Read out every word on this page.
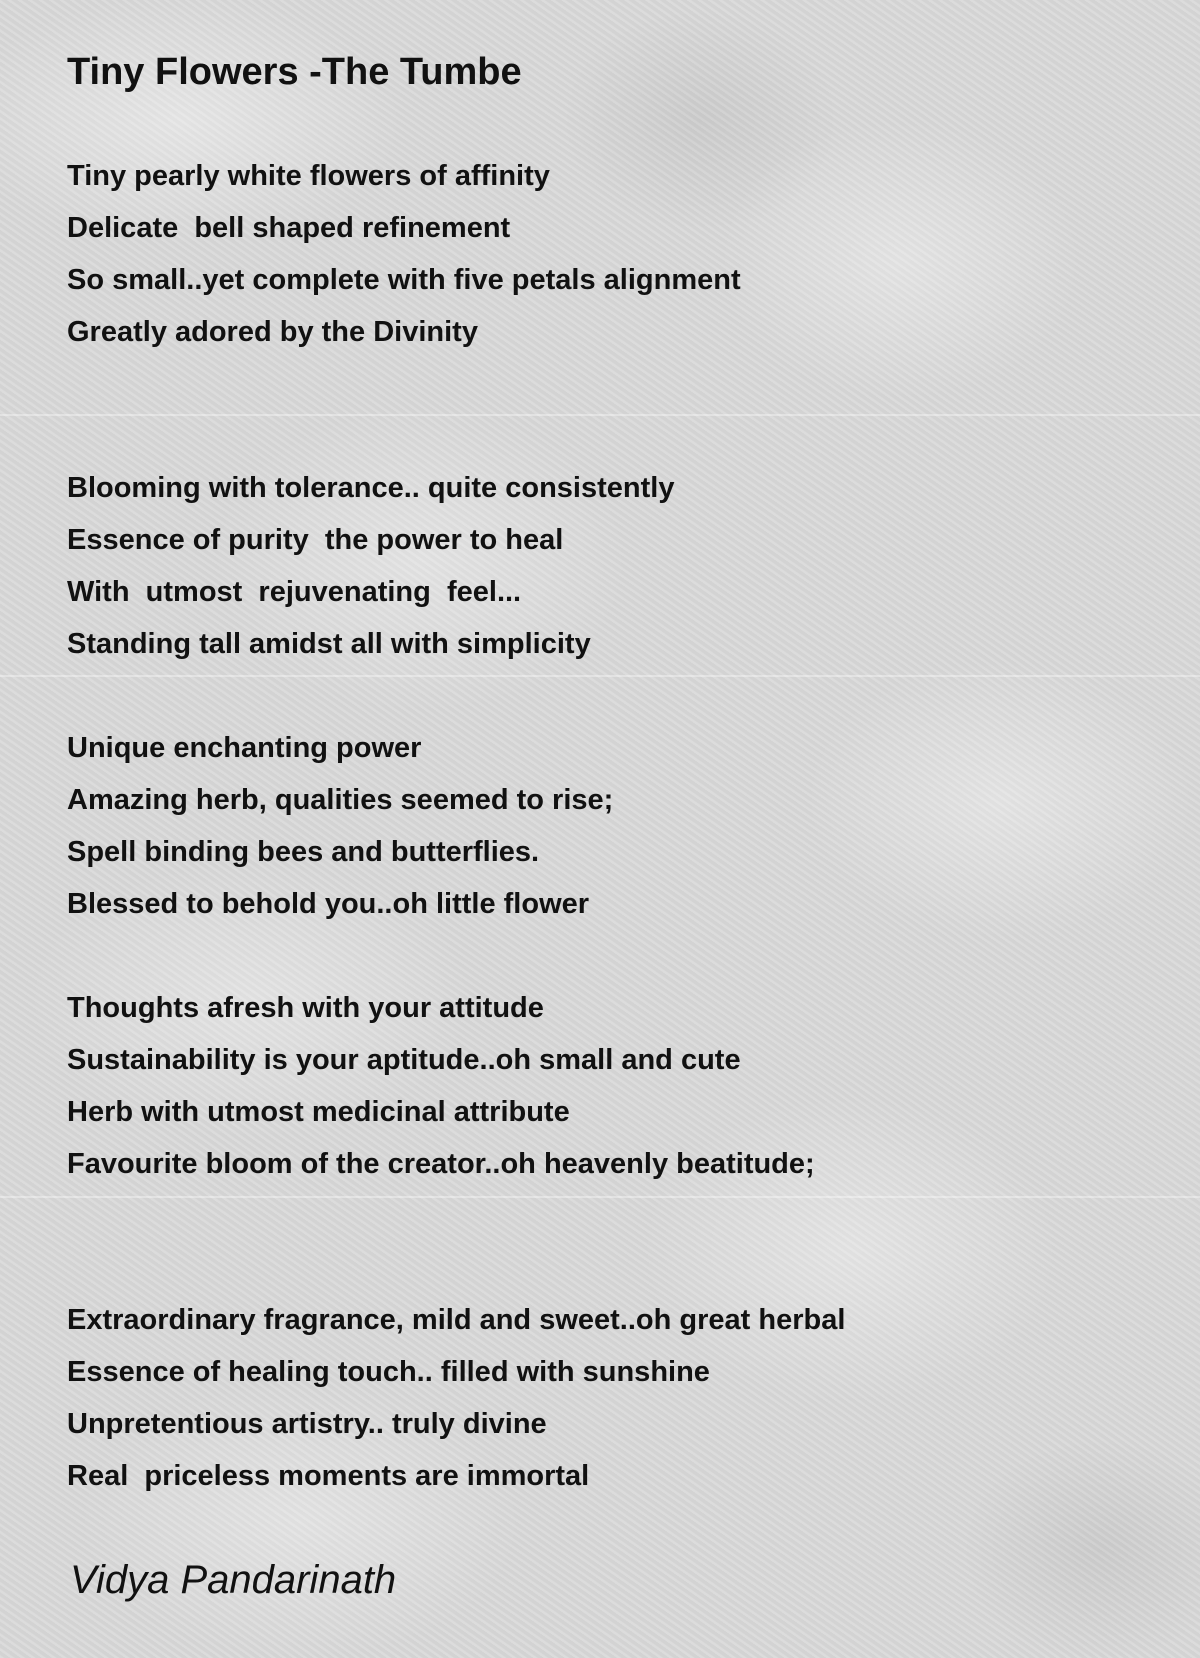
Tiny Flowers -The Tumbe
Tiny pearly white flowers of affinity
Delicate  bell shaped refinement
So small..yet complete with five petals alignment
Greatly adored by the Divinity
Blooming with tolerance.. quite consistently
Essence of purity  the power to heal
With  utmost  rejuvenating  feel...
Standing tall amidst all with simplicity
Unique enchanting power
Amazing herb, qualities seemed to rise;
Spell binding bees and butterflies.
Blessed to behold you..oh little flower
Thoughts afresh with your attitude
Sustainability is your aptitude..oh small and cute
Herb with utmost medicinal attribute
Favourite bloom of the creator..oh heavenly beatitude;
Extraordinary fragrance, mild and sweet..oh great herbal
Essence of healing touch.. filled with sunshine
Unpretentious artistry.. truly divine
Real  priceless moments are immortal
Vidya Pandarinath
